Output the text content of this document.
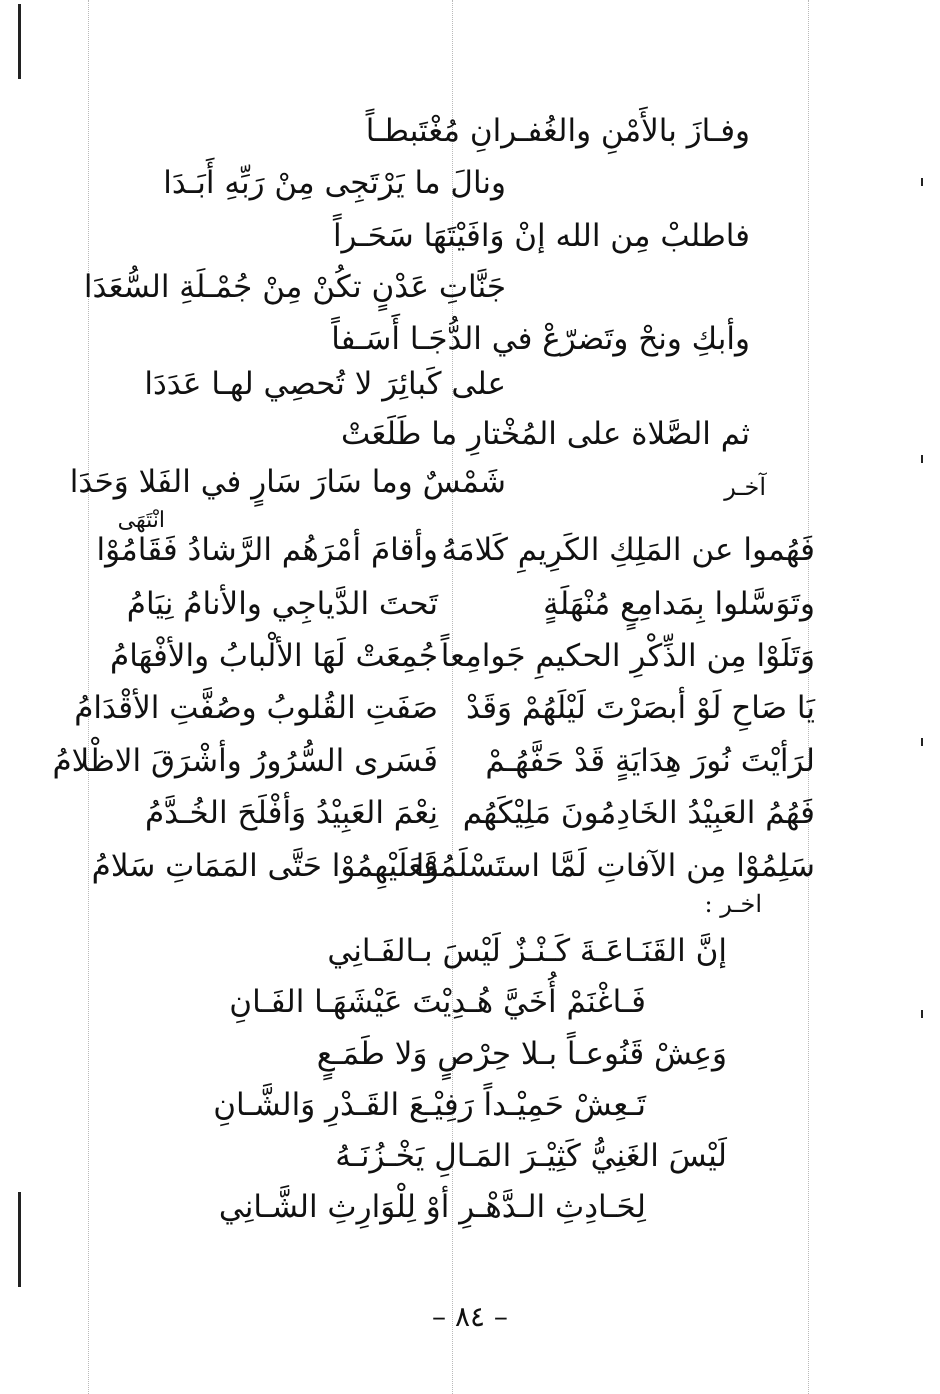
وفـازَ بالأَمْنِ والغُفـرانِ مُغْتَبطـاً
ونالَ ما يَرْتَجِى مِنْ رَبِّهِ أَبَـدَا
فاطلبْ مِن الله إنْ وَافَيْتَهَا سَحَـراً
جَنَّاتِ عَدْنٍ تكُنْ مِنْ جُمْـلَةِ السُّعَدَا
وأبكِ ونحْ وتَضرّعْ في الدُّجَـا أَسَـفاً
على كَبائِرَ لا تُحصِي لهـا عَدَدَا
ثم الصَّلاة على المُخْتارِ ما طَلَعَتْ
شَمْسٌ وما سَارَ سَارٍ في الفَلا وَحَدَا	آخـر
انْتَهَى
فَهُموا عن المَلِكِ الكَرِيمِ كَلامَهُ
وأقامَ أمْرَهُم الرَّشادُ فَقَامُوْا
وتَوَسَّلوا بِمَدامِعٍ مُنْهَلَةٍ
تَحتَ الدَّياجِي والأنامُ نِيَامُ
وَتَلَوْا مِن الذِّكْرِ الحكيمِ جَوامِعاً
جُمِعَتْ لَهَا الألْبابُ والأفْهَامُ
يَا صَاحِ لَوْ أبصَرْتَ لَيْلَهُمْ وَقَدْ
صَفَتِ القُلوبُ وصُفَّتِ الأقْدَامُ
لرَأيْتَ نُورَ هِدَايَةٍ قَدْ حَفَّهُـمْ
فَسَرى السُّرُورُ وأشْرَقَ الاظْلامُ
فَهُمُ العَبِيْدُ الخَادِمُونَ مَلِيْكَهُم
نِعْمَ العَبِيْدُ وَأفْلَحَ الخُـدَّمُ
سَلِمُوْا مِن الآفاتِ لَمَّا استَسْلَمُوْا
فَعَلَيْهِمُوْا حَتَّى المَمَاتِ سَلامُ
اخـر :
إنَّ القَنَـاعَـةَ كَـنْـزٌ لَيْسَ بـالفَـانِي
فَـاغْنَمْ أُخَيَّ هُـدِيْتَ عَيْشَهَـا الفَـانِ
وَعِشْ قَنُوعـاً بـلا حِرْصٍ وَلا طَمَـعٍ
تَـعِشْ حَمِيْـداً رَفِيْـعَ القَـدْرِ وَالشَّـانِ
لَيْسَ الغَنِيُّ كَثِيْـرَ المَـالِ يَخْـزُنَـهُ
لِحَـادِثِ الـدَّهْـرِ أوْ لِلْوَارِثِ الشَّـانِي
– ٨٤ –
